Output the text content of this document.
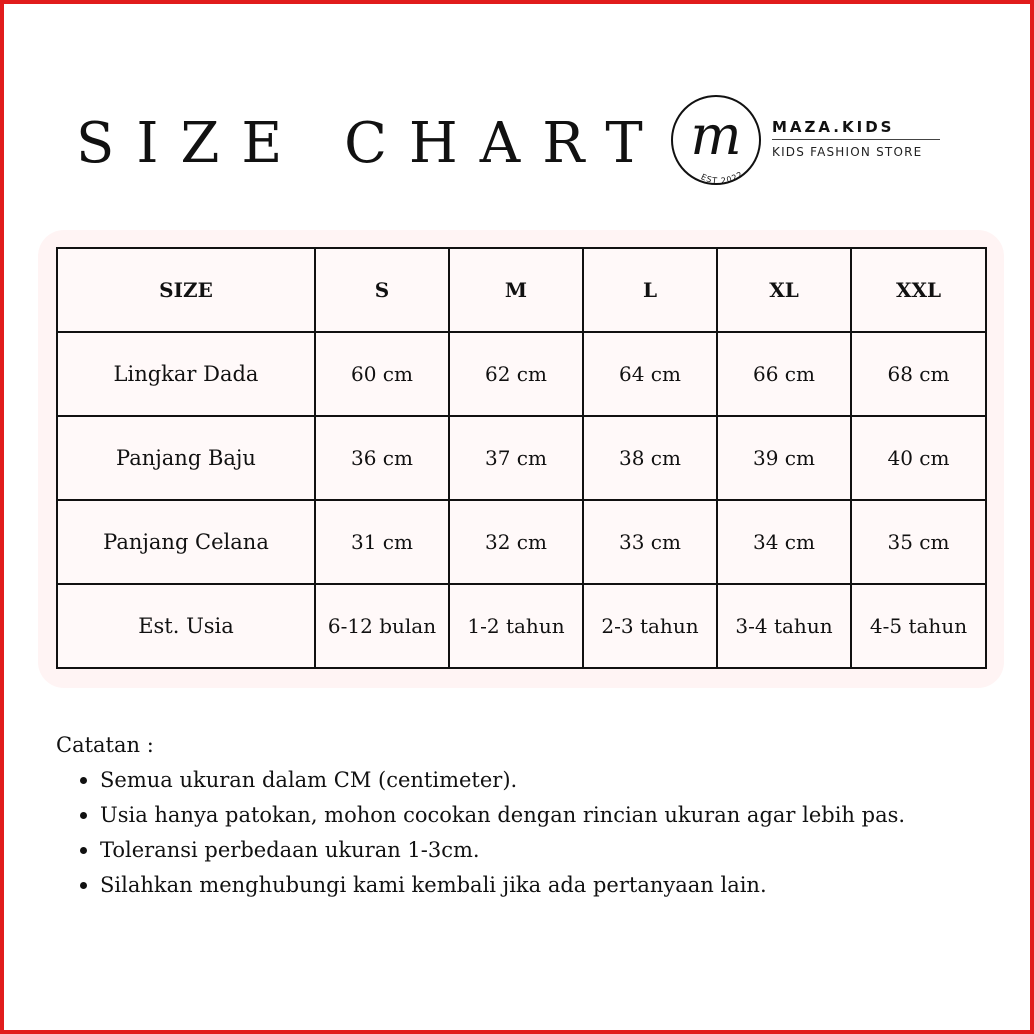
SIZE CHART m
EST 2022
MAZA.KIDS
KIDS FASHION STORE
SIZE	S	M	L	XL	XXL
Lingkar Dada	60 cm	62 cm	64 cm	66 cm	68 cm
Panjang Baju	36 cm	37 cm	38 cm	39 cm	40 cm
Panjang Celana	31 cm	32 cm	33 cm	34 cm	35 cm
Est. Usia	6-12 bulan	1-2 tahun	2-3 tahun	3-4 tahun	4-5 tahun
Catatan :
Semua ukuran dalam CM (centimeter).
Usia hanya patokan, mohon cocokan dengan rincian ukuran agar lebih pas.
Toleransi perbedaan ukuran 1-3cm.
Silahkan menghubungi kami kembali jika ada pertanyaan lain.
